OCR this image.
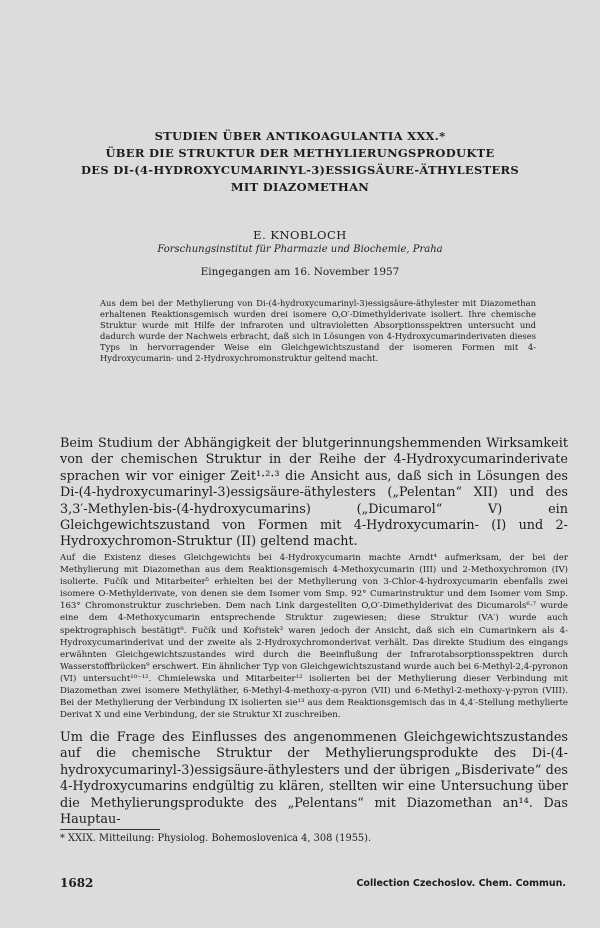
STUDIEN ÜBER ANTIKOAGULANTIA XXX.*
ÜBER DIE STRUKTUR DER METHYLIERUNGSPRODUKTE
DES DI-(4-HYDROXYCUMARINYL-3)ESSIGSÄURE-ÄTHYLESTERS
MIT DIAZOMETHAN
E. KNOBLOCH
Forschungsinstitut für Pharmazie und Biochemie, Praha
Eingegangen am 16. November 1957

Aus dem bei der Methylierung von Di-(4-hydroxycumarinyl-3)essigsäure-äthylester mit Diazomethan erhaltenen Reaktionsgemisch wurden drei isomere O,O′-Dimethylderivate isoliert. Ihre chemische Struktur wurde mit Hilfe der infraroten und ultravioletten Absorptionsspektren untersucht und dadurch wurde der Nachweis erbracht, daß sich in Lösungen von 4-Hydroxycumarinderivaten dieses Typs in hervorragender Weise ein Gleichgewichtszustand der isomeren Formen mit 4-Hydroxycumarin- und 2-Hydroxychromonstruktur geltend macht.

Beim Studium der Abhängigkeit der blutgerinnungshemmenden Wirksamkeit von der chemischen Struktur in der Reihe der 4-Hydroxycumarinderivate sprachen wir vor einiger Zeit¹·²·³ die Ansicht aus, daß sich in Lösungen des Di-(4-hydroxycumarinyl-3)essigsäure-äthylesters („Pelentan“ XII) und des 3,3′-Methylen-bis-(4-hydroxycumarins) („Dicumarol“ V) ein Gleichgewichtszustand von Formen mit 4-Hydroxycumarin- (I) und 2-Hydroxychromon-Struktur (II) geltend macht.

Auf die Existenz dieses Gleichgewichts bei 4-Hydroxycumarin machte Arndt⁴ aufmerksam, der bei der Methylierung mit Diazomethan aus dem Reaktionsgemisch 4-Methoxycumarin (III) und 2-Methoxychromon (IV) isolierte. Fučík und Mitarbeiter⁵ erhielten bei der Methylierung von 3-Chlor-4-hydroxycumarin ebenfalls zwei isomere O-Methylderivate, von denen sie dem Isomer vom Smp. 92° Cumarinstruktur und dem Isomer vom Smp. 163° Chromonstruktur zuschrieben. Dem nach Link dargestellten O,O′-Dimethylderivat des Dicumarols⁶·⁷ wurde eine dem 4-Methoxycumarin entsprechende Struktur zugewiesen; diese Struktur (VA′) wurde auch spektrographisch bestätigt⁸. Fučík und Kořistek³ waren jedoch der Ansicht, daß sich ein Cumarinkern als 4-Hydroxycumarinderivat und der zweite als 2-Hydroxychromonderivat verhält. Das direkte Studium des eingangs erwähnten Gleichgewichtszustandes wird durch die Beeinflußung der Infrarotabsorptionsspektren durch Wasserstoffbrücken⁹ erschwert. Ein ähnlicher Typ von Gleichgewichtszustand wurde auch bei 6-Methyl-2,4-pyronon (VI) untersucht¹⁰⁻¹². Chmielewska und Mitarbeiter¹² isolierten bei der Methylierung dieser Verbindung mit Diazomethan zwei isomere Methyläther, 6-Methyl-4-methoxy-α-pyron (VII) und 6-Methyl-2-methoxy-γ-pyron (VIII). Bei der Methylierung der Verbindung IX isolierten sie¹³ aus dem Reaktionsgemisch das in 4,4′-Stellung methylierte Derivat X und eine Verbindung, der sie Struktur XI zuschreiben.

Um die Frage des Einflusses des angenommenen Gleichgewichtszustandes auf die chemische Struktur der Methylierungsprodukte des Di-(4-hydroxycumarinyl-3)essigsäure-äthylesters und der übrigen „Bisderivate“ des 4-Hydroxycumarins endgültig zu klären, stellten wir eine Untersuchung über die Methylierungsprodukte des „Pelentans“ mit Diazomethan an¹⁴. Das Hauptau-

* XXIX. Mitteilung: Physiolog. Bohemoslovenica 4, 308 (1955).
1682	Collection Czechoslov. Chem. Commun.
